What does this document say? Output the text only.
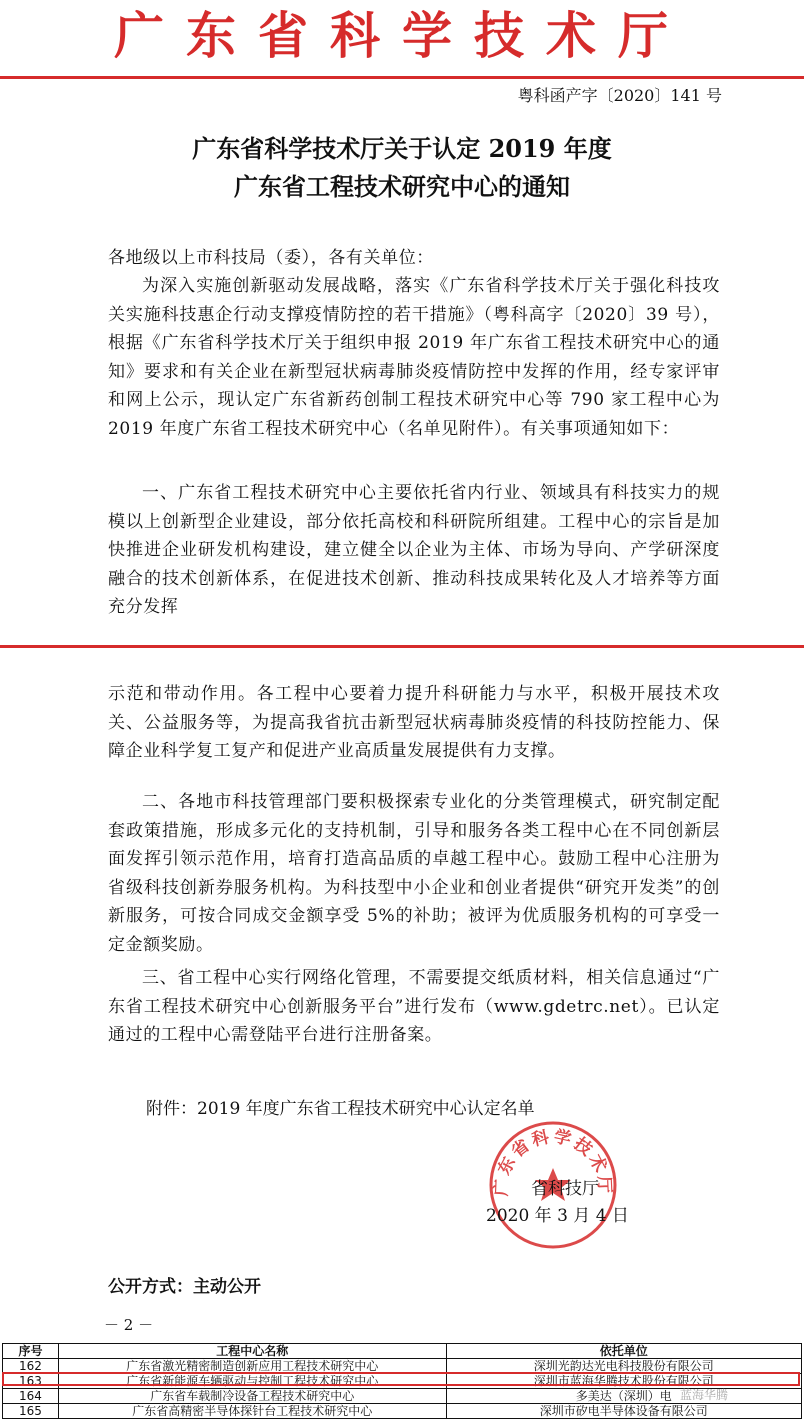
广东省科学技术厅
粤科函产字〔2020〕141 号
广东省科学技术厅关于认定 2019 年度
广东省工程技术研究中心的通知
各地级以上市科技局（委），各有关单位：
为深入实施创新驱动发展战略，落实《广东省科学技术厅关于强化科技攻关实施科技惠企行动支撑疫情防控的若干措施》（粤科高字〔2020〕39 号），根据《广东省科学技术厅关于组织申报 2019 年广东省工程技术研究中心的通知》要求和有关企业在新型冠状病毒肺炎疫情防控中发挥的作用，经专家评审和网上公示，现认定广东省新药创制工程技术研究中心等 790 家工程中心为 2019 年度广东省工程技术研究中心（名单见附件）。有关事项通知如下：
一、广东省工程技术研究中心主要依托省内行业、领域具有科技实力的规模以上创新型企业建设，部分依托高校和科研院所组建。工程中心的宗旨是加快推进企业研发机构建设，建立健全以企业为主体、市场为导向、产学研深度融合的技术创新体系，在促进技术创新、推动科技成果转化及人才培养等方面充分发挥
示范和带动作用。各工程中心要着力提升科研能力与水平，积极开展技术攻关、公益服务等，为提高我省抗击新型冠状病毒肺炎疫情的科技防控能力、保障企业科学复工复产和促进产业高质量发展提供有力支撑。
二、各地市科技管理部门要积极探索专业化的分类管理模式，研究制定配套政策措施，形成多元化的支持机制，引导和服务各类工程中心在不同创新层面发挥引领示范作用，培育打造高品质的卓越工程中心。鼓励工程中心注册为省级科技创新券服务机构。为科技型中小企业和创业者提供“研究开发类”的创新服务，可按合同成交金额享受 5%的补助；被评为优质服务机构的可享受一定金额奖励。
三、省工程中心实行网络化管理，不需要提交纸质材料，相关信息通过“广东省工程技术研究中心创新服务平台”进行发布（www.gdetrc.net）。已认定通过的工程中心需登陆平台进行注册备案。
附件：2019 年度广东省工程技术研究中心认定名单
广东省科学技术厅
省科技厅
2020 年 3 月 4 日
公开方式：主动公开
－ 2 －
序号	工程中心名称	依托单位
162	广东省激光精密制造创新应用工程技术研究中心	深圳光韵达光电科技股份有限公司
163	广东省新能源车辆驱动与控制工程技术研究中心	深圳市蓝海华腾技术股份有限公司
164	广东省车载制冷设备工程技术研究中心	多美达（深圳）电
165	广东省高精密半导体探针台工程技术研究中心	深圳市矽电半导体设备有限公司
蓝海华腾
